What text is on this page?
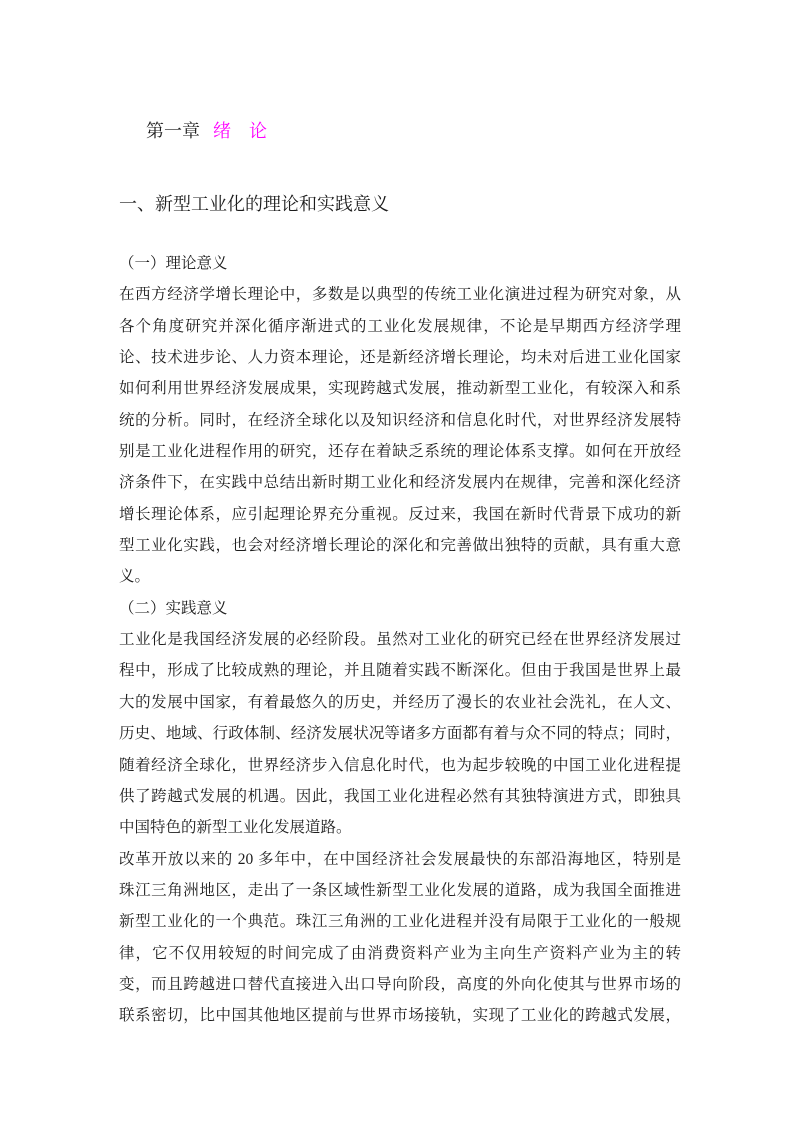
第一章 绪　论

一、新型工业化的理论和实践意义
（一）理论意义
在西方经济学增长理论中，多数是以典型的传统工业化演进过程为研究对象，从
各个角度研究并深化循序渐进式的工业化发展规律，不论是早期西方经济学理
论、技术进步论、人力资本理论，还是新经济增长理论，均未对后进工业化国家
如何利用世界经济发展成果，实现跨越式发展，推动新型工业化，有较深入和系
统的分析。同时，在经济全球化以及知识经济和信息化时代，对世界经济发展特
别是工业化进程作用的研究，还存在着缺乏系统的理论体系支撑。如何在开放经
济条件下，在实践中总结出新时期工业化和经济发展内在规律，完善和深化经济
增长理论体系，应引起理论界充分重视。反过来，我国在新时代背景下成功的新
型工业化实践，也会对经济增长理论的深化和完善做出独特的贡献，具有重大意
义。
（二）实践意义
工业化是我国经济发展的必经阶段。虽然对工业化的研究已经在世界经济发展过
程中，形成了比较成熟的理论，并且随着实践不断深化。但由于我国是世界上最
大的发展中国家，有着最悠久的历史，并经历了漫长的农业社会洗礼，在人文、
历史、地域、行政体制、经济发展状况等诸多方面都有着与众不同的特点；同时，
随着经济全球化，世界经济步入信息化时代，也为起步较晚的中国工业化进程提
供了跨越式发展的机遇。因此，我国工业化进程必然有其独特演进方式，即独具
中国特色的新型工业化发展道路。
改革开放以来的 20 多年中，在中国经济社会发展最快的东部沿海地区，特别是
珠江三角洲地区，走出了一条区域性新型工业化发展的道路，成为我国全面推进
新型工业化的一个典范。珠江三角洲的工业化进程并没有局限于工业化的一般规
律，它不仅用较短的时间完成了由消费资料产业为主向生产资料产业为主的转
变，而且跨越进口替代直接进入出口导向阶段，高度的外向化使其与世界市场的
联系密切，比中国其他地区提前与世界市场接轨，实现了工业化的跨越式发展，
